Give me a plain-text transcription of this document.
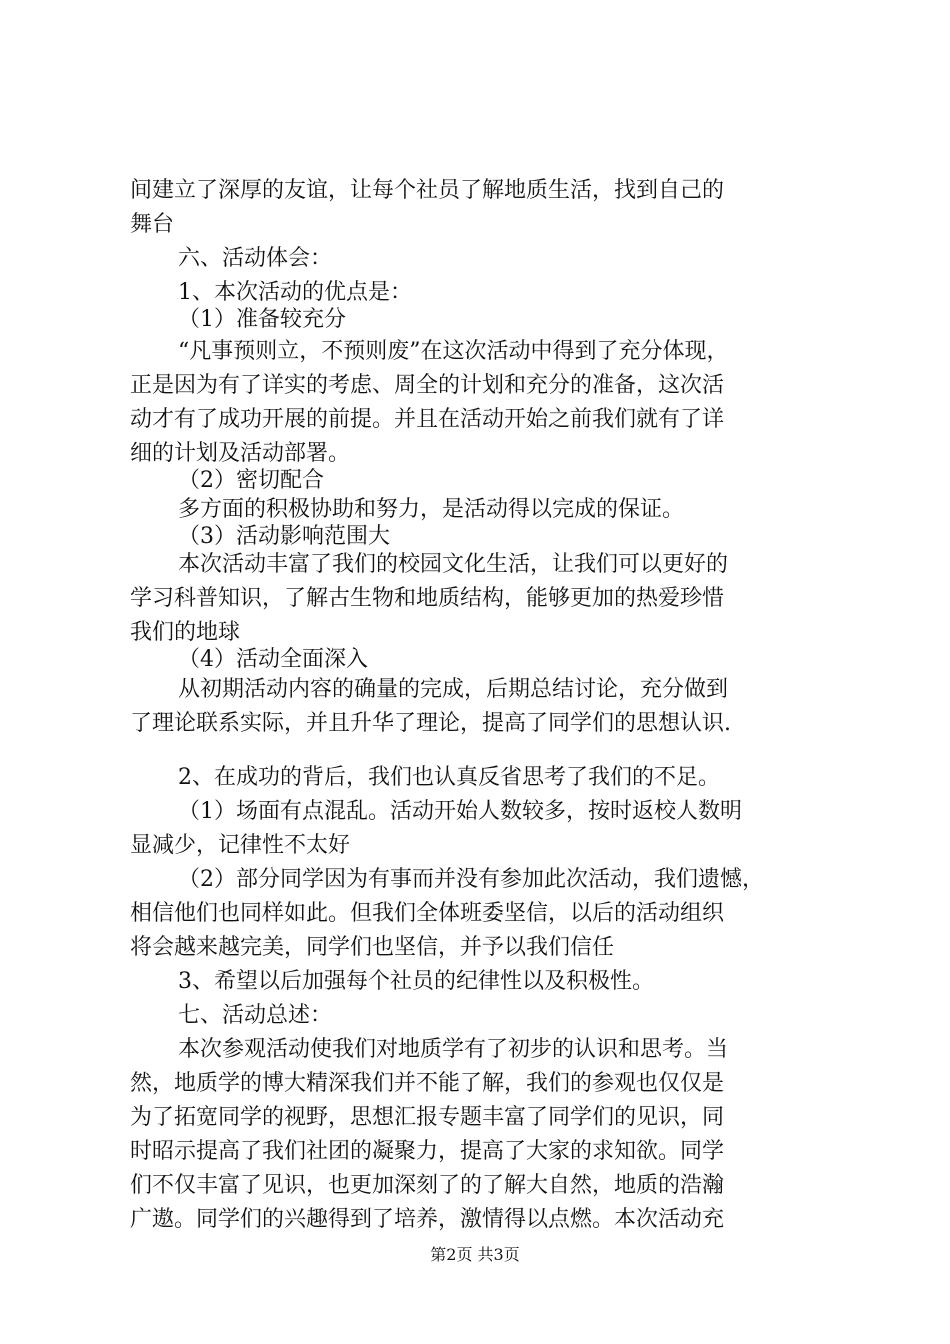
间建立了深厚的友谊，让每个社员了解地质生活，找到自己的
舞台
六、活动体会：
1、本次活动的优点是：
（1）准备较充分
“凡事预则立，不预则废”在这次活动中得到了充分体现，
正是因为有了详实的考虑、周全的计划和充分的准备，这次活
动才有了成功开展的前提。并且在活动开始之前我们就有了详
细的计划及活动部署。
（2）密切配合
多方面的积极协助和努力，是活动得以完成的保证。
（3）活动影响范围大
本次活动丰富了我们的校园文化生活，让我们可以更好的
学习科普知识，了解古生物和地质结构，能够更加的热爱珍惜
我们的地球
（4）活动全面深入
从初期活动内容的确量的完成，后期总结讨论，充分做到
了理论联系实际，并且升华了理论，提高了同学们的思想认识.
2、在成功的背后，我们也认真反省思考了我们的不足。
（1）场面有点混乱。活动开始人数较多，按时返校人数明
显减少，记律性不太好
（2）部分同学因为有事而并没有参加此次活动，我们遗憾，
相信他们也同样如此。但我们全体班委坚信，以后的活动组织
将会越来越完美，同学们也坚信，并予以我们信任
3、希望以后加强每个社员的纪律性以及积极性。
七、活动总述：
本次参观活动使我们对地质学有了初步的认识和思考。当
然，地质学的博大精深我们并不能了解，我们的参观也仅仅是
为了拓宽同学的视野，思想汇报专题丰富了同学们的见识，同
时昭示提高了我们社团的凝聚力，提高了大家的求知欲。同学
们不仅丰富了见识，也更加深刻了的了解大自然，地质的浩瀚
广遨。同学们的兴趣得到了培养，激情得以点燃。本次活动充
第2页 共3页
